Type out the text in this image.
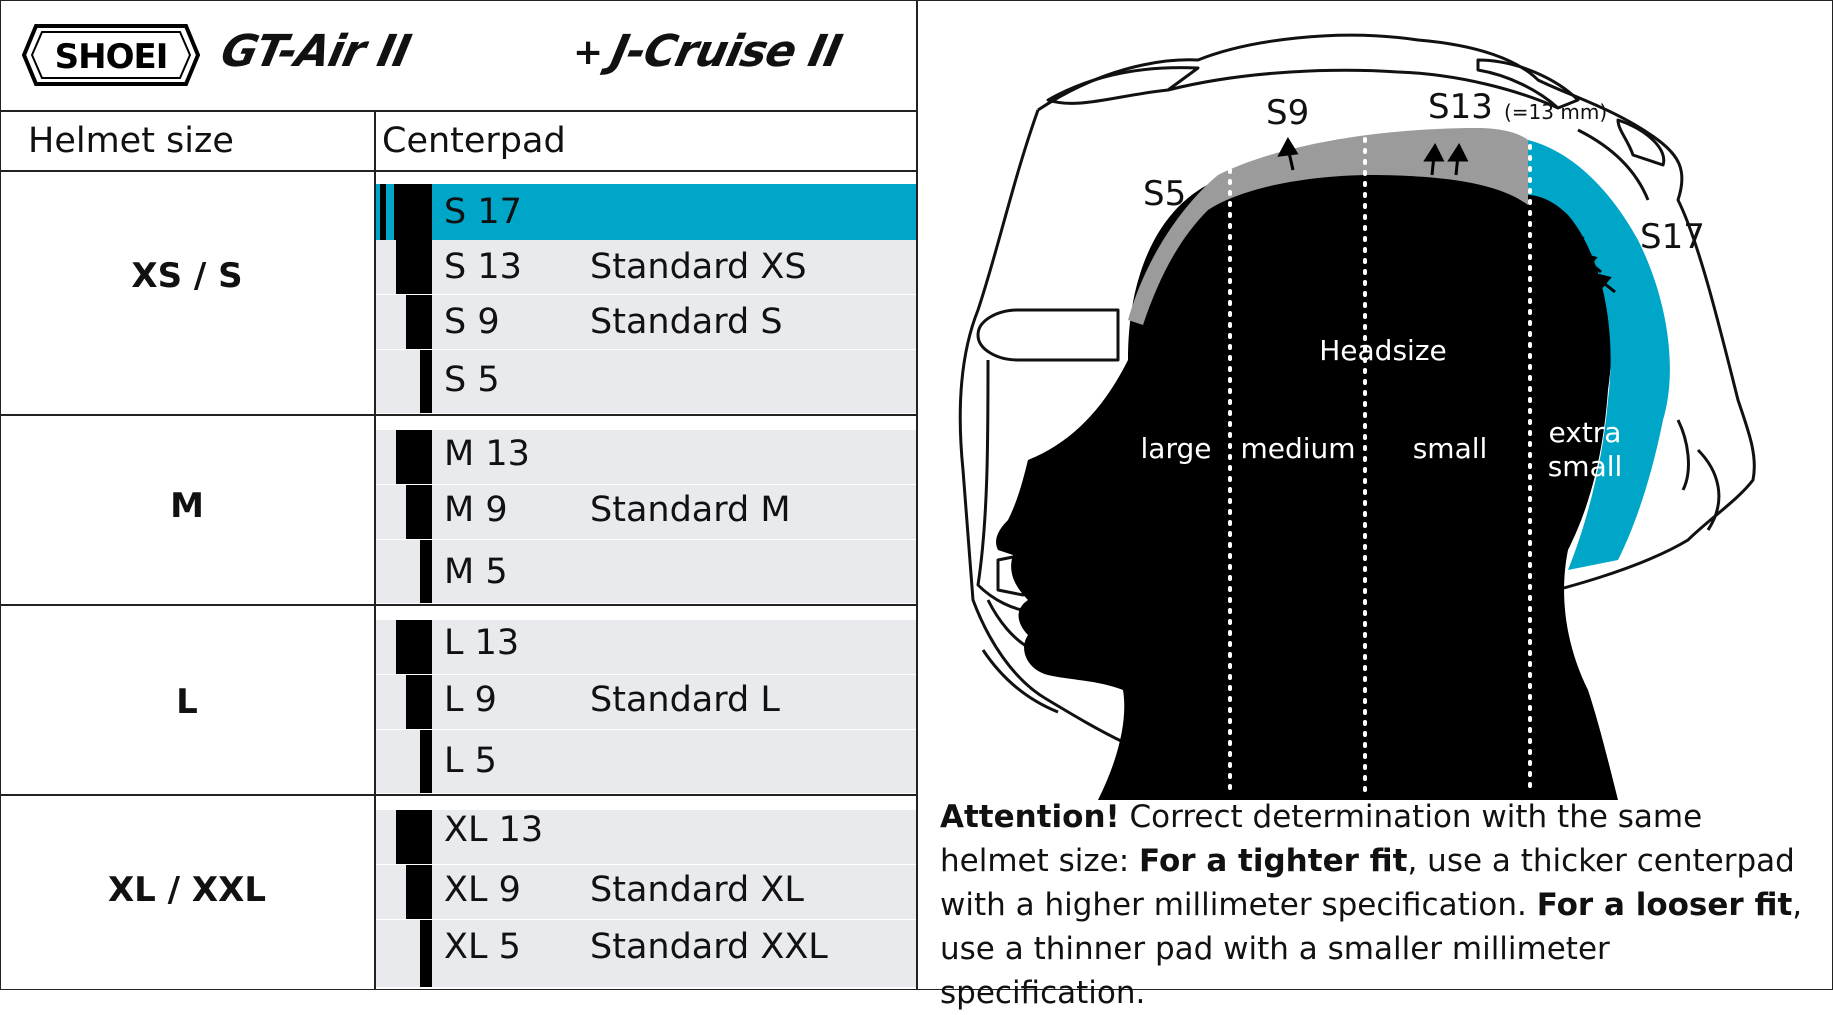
SHOEI GT-Air II	+ J-Cruise II
Helmet size	Centerpad
XS / S
S 17
S 13 Standard XS
S 9	Standard S
S 5
M
M 13
M 9 Standard M
M 5
L
L 13
L 9	Standard L
L 5
XL / XXL
XL 13
XL 9 Standard XL
XL 5 Standard XXL
S5
S9	S13 (=13 mm)
S17
Headsize
large medium small extra
small
Attention! Correct determination with the same helmet size: For a tighter fit, use a thicker centerpad with a higher millimeter specification. For a looser fit, use a thinner pad with a smaller millimeter specification.
